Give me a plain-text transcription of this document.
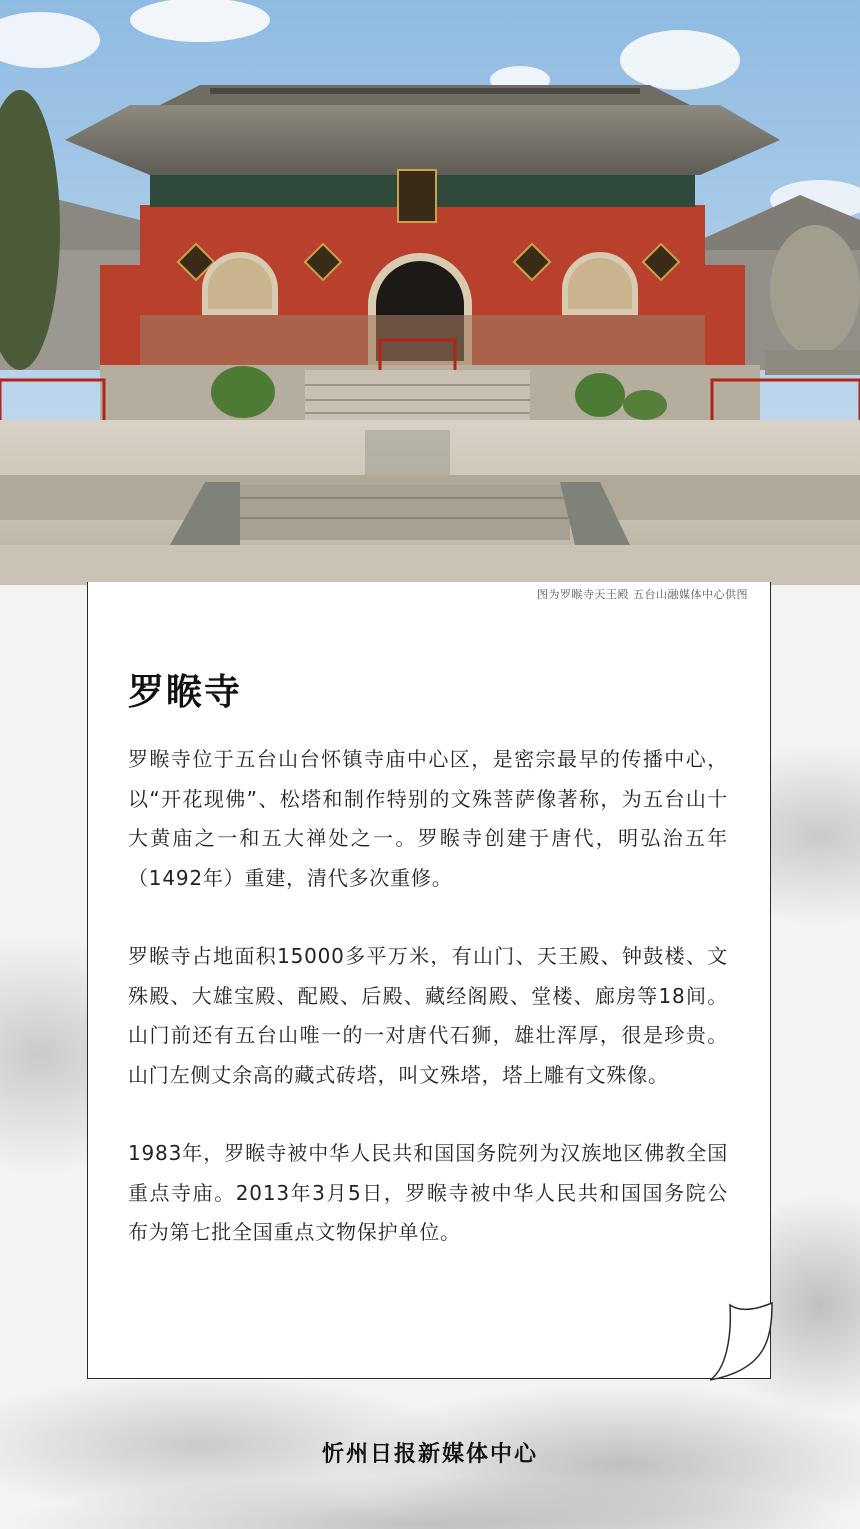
图为罗睺寺天王殿 五台山融媒体中心供图
罗睺寺

罗睺寺位于五台山台怀镇寺庙中心区，是密宗最早的传播中心，以“开花现佛”、松塔和制作特别的文殊菩萨像著称，为五台山十大黄庙之一和五大禅处之一。罗睺寺创建于唐代，明弘治五年（1492年）重建，清代多次重修。

罗睺寺占地面积15000多平万米，有山门、天王殿、钟鼓楼、文殊殿、大雄宝殿、配殿、后殿、藏经阁殿、堂楼、廊房等18间。山门前还有五台山唯一的一对唐代石狮，雄壮浑厚，很是珍贵。山门左侧丈余高的藏式砖塔，叫文殊塔，塔上雕有文殊像。

1983年，罗睺寺被中华人民共和国国务院列为汉族地区佛教全国重点寺庙。2013年3月5日，罗睺寺被中华人民共和国国务院公布为第七批全国重点文物保护单位。

忻州日报新媒体中心
